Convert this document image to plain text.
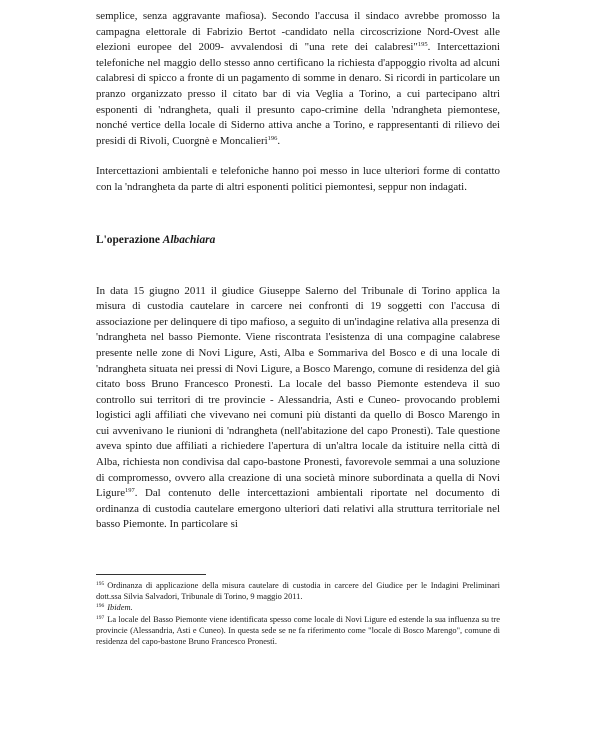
semplice, senza aggravante mafiosa). Secondo l'accusa il sindaco avrebbe promosso la campagna elettorale di Fabrizio Bertot -candidato nella circoscrizione Nord-Ovest alle elezioni europee del 2009- avvalendosi di "una rete dei calabresi"$^{195}$. Intercettazioni telefoniche nel maggio dello stesso anno certificano la richiesta d'appoggio rivolta ad alcuni calabresi di spicco a fronte di un pagamento di somme in denaro. Si ricordi in particolare un pranzo organizzato presso il citato bar di via Veglia a Torino, a cui partecipano altri esponenti di 'ndrangheta, quali il presunto capo-crimine della 'ndrangheta piemontese, nonché vertice della locale di Siderno attiva anche a Torino, e rappresentanti di rilievo dei presidi di Rivoli, Cuorgnè e Moncalieri$^{196}$.

Intercettazioni ambientali e telefoniche hanno poi messo in luce ulteriori forme di contatto con la 'ndrangheta da parte di altri esponenti politici piemontesi, seppur non indagati.

L'operazione Albachiara

In data 15 giugno 2011 il giudice Giuseppe Salerno del Tribunale di Torino applica la misura di custodia cautelare in carcere nei confronti di 19 soggetti con l'accusa di associazione per delinquere di tipo mafioso, a seguito di un'indagine relativa alla presenza di 'ndrangheta nel basso Piemonte. Viene riscontrata l'esistenza di una compagine calabrese presente nelle zone di Novi Ligure, Asti, Alba e Sommariva del Bosco e di una locale di 'ndrangheta situata nei pressi di Novi Ligure, a Bosco Marengo, comune di residenza del già citato boss Bruno Francesco Pronestì. La locale del basso Piemonte estendeva il suo controllo sui territori di tre provincie - Alessandria, Asti e Cuneo- provocando problemi logistici agli affiliati che vivevano nei comuni più distanti da quello di Bosco Marengo in cui avvenivano le riunioni di 'ndrangheta (nell'abitazione del capo Pronestì). Tale questione aveva spinto due affiliati a richiedere l'apertura di un'altra locale da istituire nella città di Alba, richiesta non condivisa dal capo-bastone Pronestì, favorevole semmai a una soluzione di compromesso, ovvero alla creazione di una società minore subordinata a quella di Novi Ligure$^{197}$. Dal contenuto delle intercettazioni ambientali riportate nel documento di ordinanza di custodia cautelare emergono ulteriori dati relativi alla struttura territoriale nel basso Piemonte. In particolare si

$^{195}$ Ordinanza di applicazione della misura cautelare di custodia in carcere del Giudice per le Indagini Preliminari dott.ssa Silvia Salvadori, Tribunale di Torino, 9 maggio 2011.

$^{196}$ Ibidem.

$^{197}$ La locale del Basso Piemonte viene identificata spesso come locale di Novi Ligure ed estende la sua influenza su tre provincie (Alessandria, Asti e Cuneo). In questa sede se ne fa riferimento come "locale di Bosco Marengo", comune di residenza del capo-bastone Bruno Francesco Pronestì.
